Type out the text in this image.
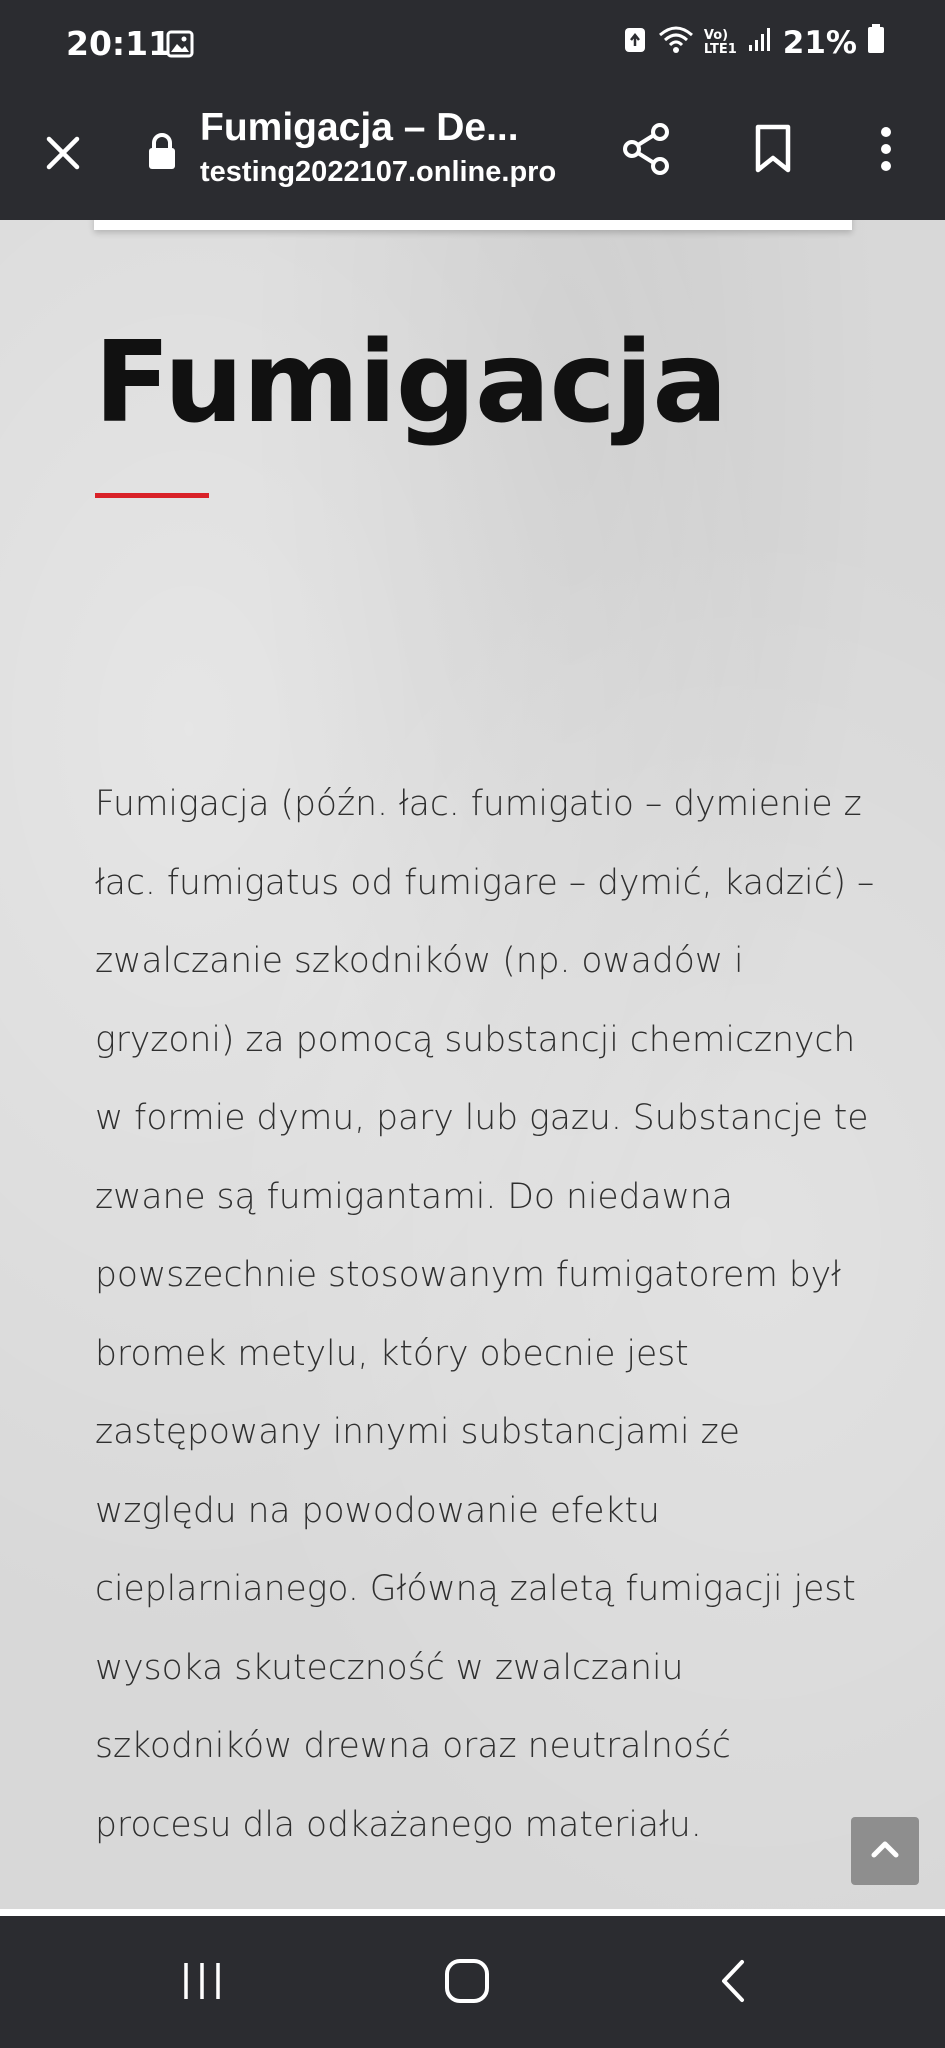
20:11	Vo)
LTE1 21%
Fumigacja – De...
testing2022107.online.pro
Fumigacja

Fumigacja (późn. łac. fumigatio – dymienie z łac. fumigatus od fumigare – dymić, kadzić) – zwalczanie szkodników (np. owadów i gryzoni) za pomocą substancji chemicznych w formie dymu, pary lub gazu. Substancje te zwane są fumigantami. Do niedawna powszechnie stosowanym fumigatorem był bromek metylu, który obecnie jest zastępowany innymi substancjami ze względu na powodowanie efektu cieplarnianego. Główną zaletą fumigacji jest wysoka skuteczność w zwalczaniu szkodników drewna oraz neutralność procesu dla odkażanego materiału.
